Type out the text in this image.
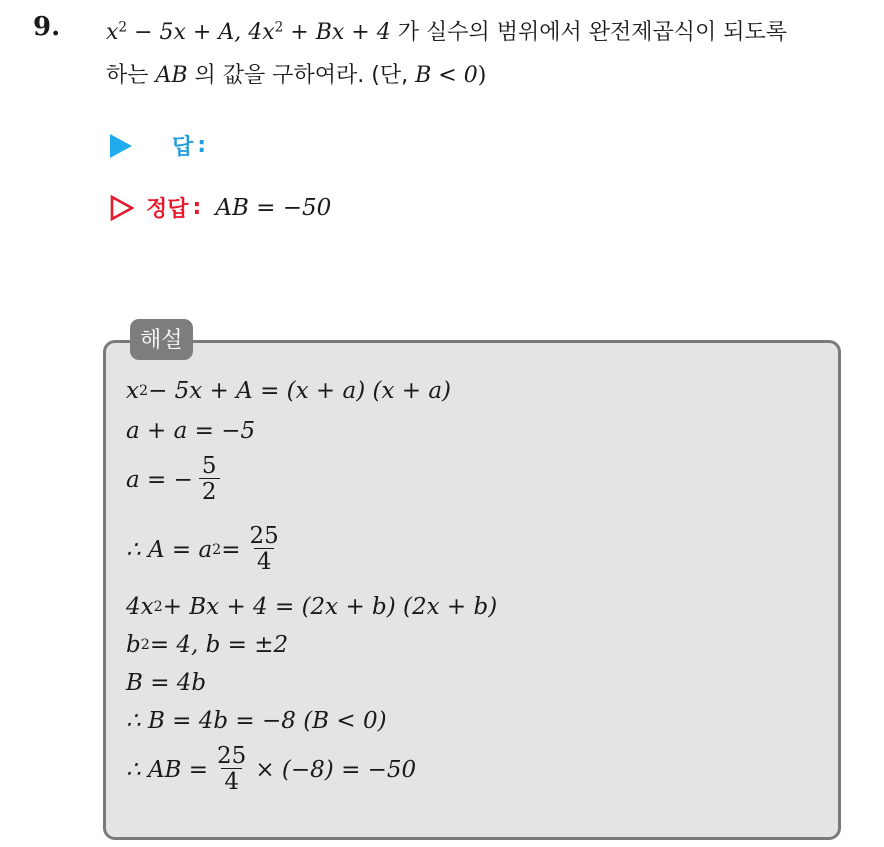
9. $x^2 - 5x + A$, $4x^2 + Bx + 4$ 가 실수의 범위에서 완전제곱식이 되도록
하는 AB 의 값을 구하여라. (단, B < 0)
답 :
정답 : AB = −50
해설
x 2 − 5x + A = (x + a) (x + a)
a + a = −5
a = − $\frac{5}{2}$
∴ A = a $2 = \frac{25}{4}$
4x 2 + Bx + 4 = (2x + b) (2x + b)
b 2 = 4, b = ±2
B = 4b
∴ B = 4b = −8 (B < 0)
∴ AB = $\frac{25}{4} \times (-8) = -50$
